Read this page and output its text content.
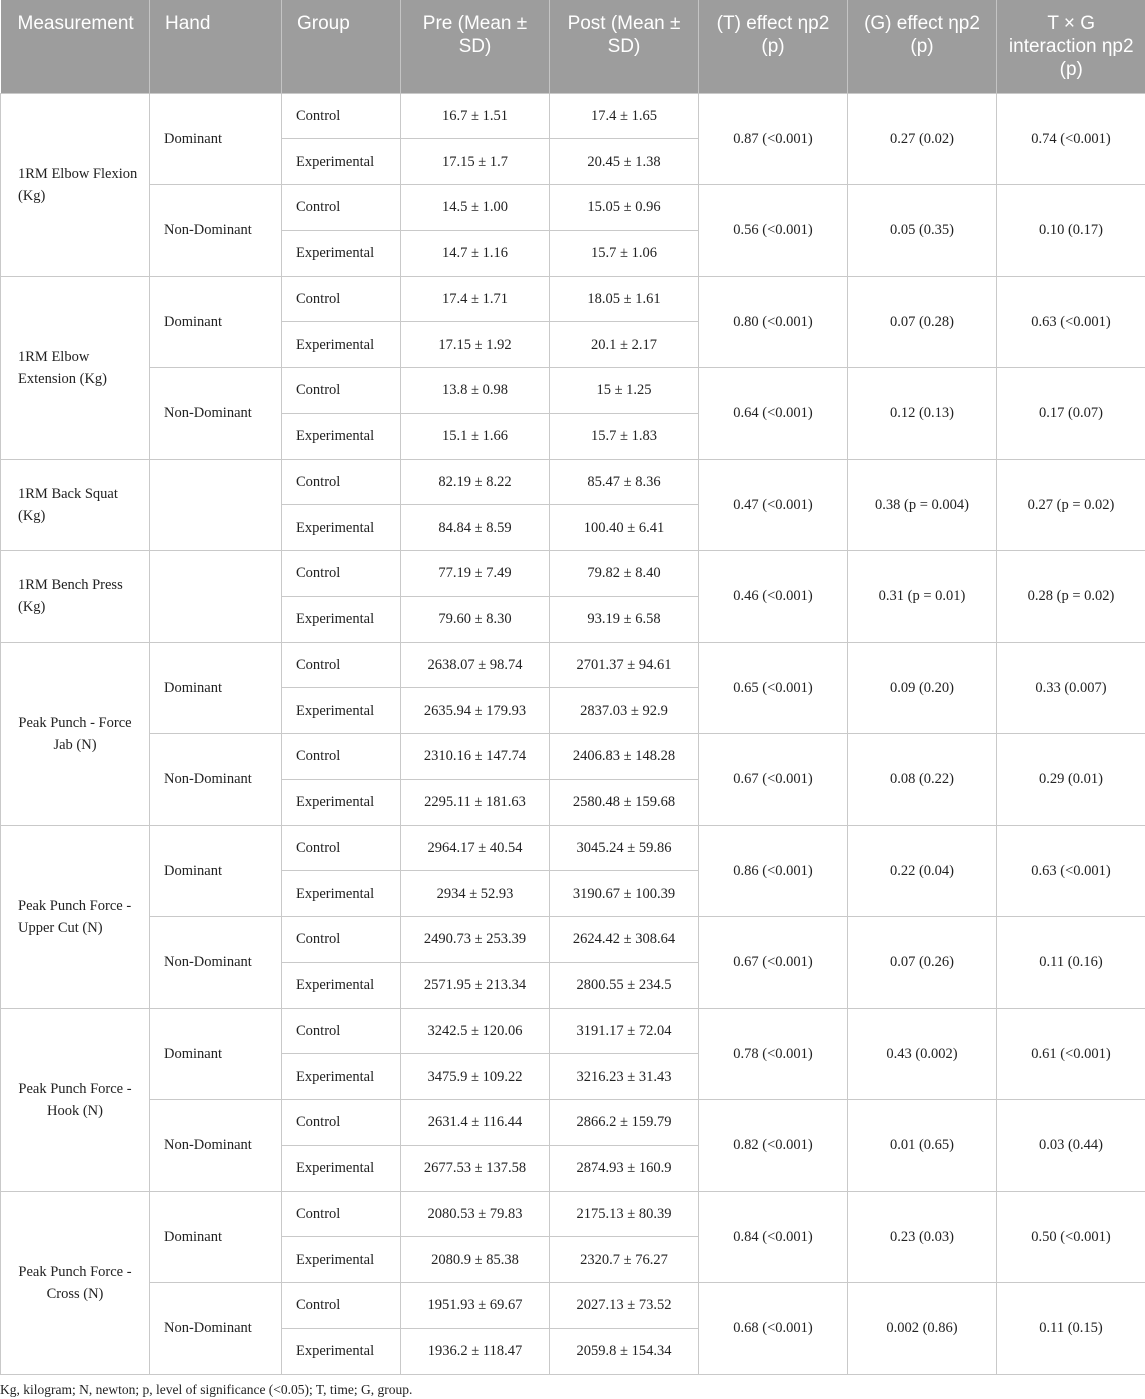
Measurement	Hand	Group	Pre (Mean ± SD)	Post (Mean ± SD)	(T) effect ηp2 (p)	(G) effect ηp2 (p)	T × G interaction ηp2 (p)
1RM Elbow Flexion (Kg)	Dominant	Control	16.7 ± 1.51	17.4 ± 1.65	0.87 (<0.001)	0.27 (0.02)	0.74 (<0.001)
		Experimental	17.15 ± 1.7	20.45 ± 1.38			
	Non-Dominant	Control	14.5 ± 1.00	15.05 ± 0.96	0.56 (<0.001)	0.05 (0.35)	0.10 (0.17)
		Experimental	14.7 ± 1.16	15.7 ± 1.06			
1RM Elbow Extension (Kg)	Dominant	Control	17.4 ± 1.71	18.05 ± 1.61	0.80 (<0.001)	0.07 (0.28)	0.63 (<0.001)
		Experimental	17.15 ± 1.92	20.1 ± 2.17			
	Non-Dominant	Control	13.8 ± 0.98	15 ± 1.25	0.64 (<0.001)	0.12 (0.13)	0.17 (0.07)
		Experimental	15.1 ± 1.66	15.7 ± 1.83			
1RM Back Squat (Kg)		Control	82.19 ± 8.22	85.47 ± 8.36	0.47 (<0.001)	0.38 (p = 0.004)	0.27 (p = 0.02)
		Experimental	84.84 ± 8.59	100.40 ± 6.41			
1RM Bench Press (Kg)		Control	77.19 ± 7.49	79.82 ± 8.40	0.46 (<0.001)	0.31 (p = 0.01)	0.28 (p = 0.02)
		Experimental	79.60 ± 8.30	93.19 ± 6.58			
Peak Punch - Force Jab (N)	Dominant	Control	2638.07 ± 98.74	2701.37 ± 94.61	0.65 (<0.001)	0.09 (0.20)	0.33 (0.007)
		Experimental	2635.94 ± 179.93	2837.03 ± 92.9			
	Non-Dominant	Control	2310.16 ± 147.74	2406.83 ± 148.28	0.67 (<0.001)	0.08 (0.22)	0.29 (0.01)
		Experimental	2295.11 ± 181.63	2580.48 ± 159.68			
Peak Punch Force - Upper Cut (N)	Dominant	Control	2964.17 ± 40.54	3045.24 ± 59.86	0.86 (<0.001)	0.22 (0.04)	0.63 (<0.001)
		Experimental	2934 ± 52.93	3190.67 ± 100.39			
	Non-Dominant	Control	2490.73 ± 253.39	2624.42 ± 308.64	0.67 (<0.001)	0.07 (0.26)	0.11 (0.16)
		Experimental	2571.95 ± 213.34	2800.55 ± 234.5			
Peak Punch Force - Hook (N)	Dominant	Control	3242.5 ± 120.06	3191.17 ± 72.04	0.78 (<0.001)	0.43 (0.002)	0.61 (<0.001)
		Experimental	3475.9 ± 109.22	3216.23 ± 31.43			
	Non-Dominant	Control	2631.4 ± 116.44	2866.2 ± 159.79	0.82 (<0.001)	0.01 (0.65)	0.03 (0.44)
		Experimental	2677.53 ± 137.58	2874.93 ± 160.9			
Peak Punch Force - Cross (N)	Dominant	Control	2080.53 ± 79.83	2175.13 ± 80.39	0.84 (<0.001)	0.23 (0.03)	0.50 (<0.001)
		Experimental	2080.9 ± 85.38	2320.7 ± 76.27			
	Non-Dominant	Control	1951.93 ± 69.67	2027.13 ± 73.52	0.68 (<0.001)	0.002 (0.86)	0.11 (0.15)
		Experimental	1936.2 ± 118.47	2059.8 ± 154.34			
Kg, kilogram; N, newton; p, level of significance (<0.05); T, time; G, group.
